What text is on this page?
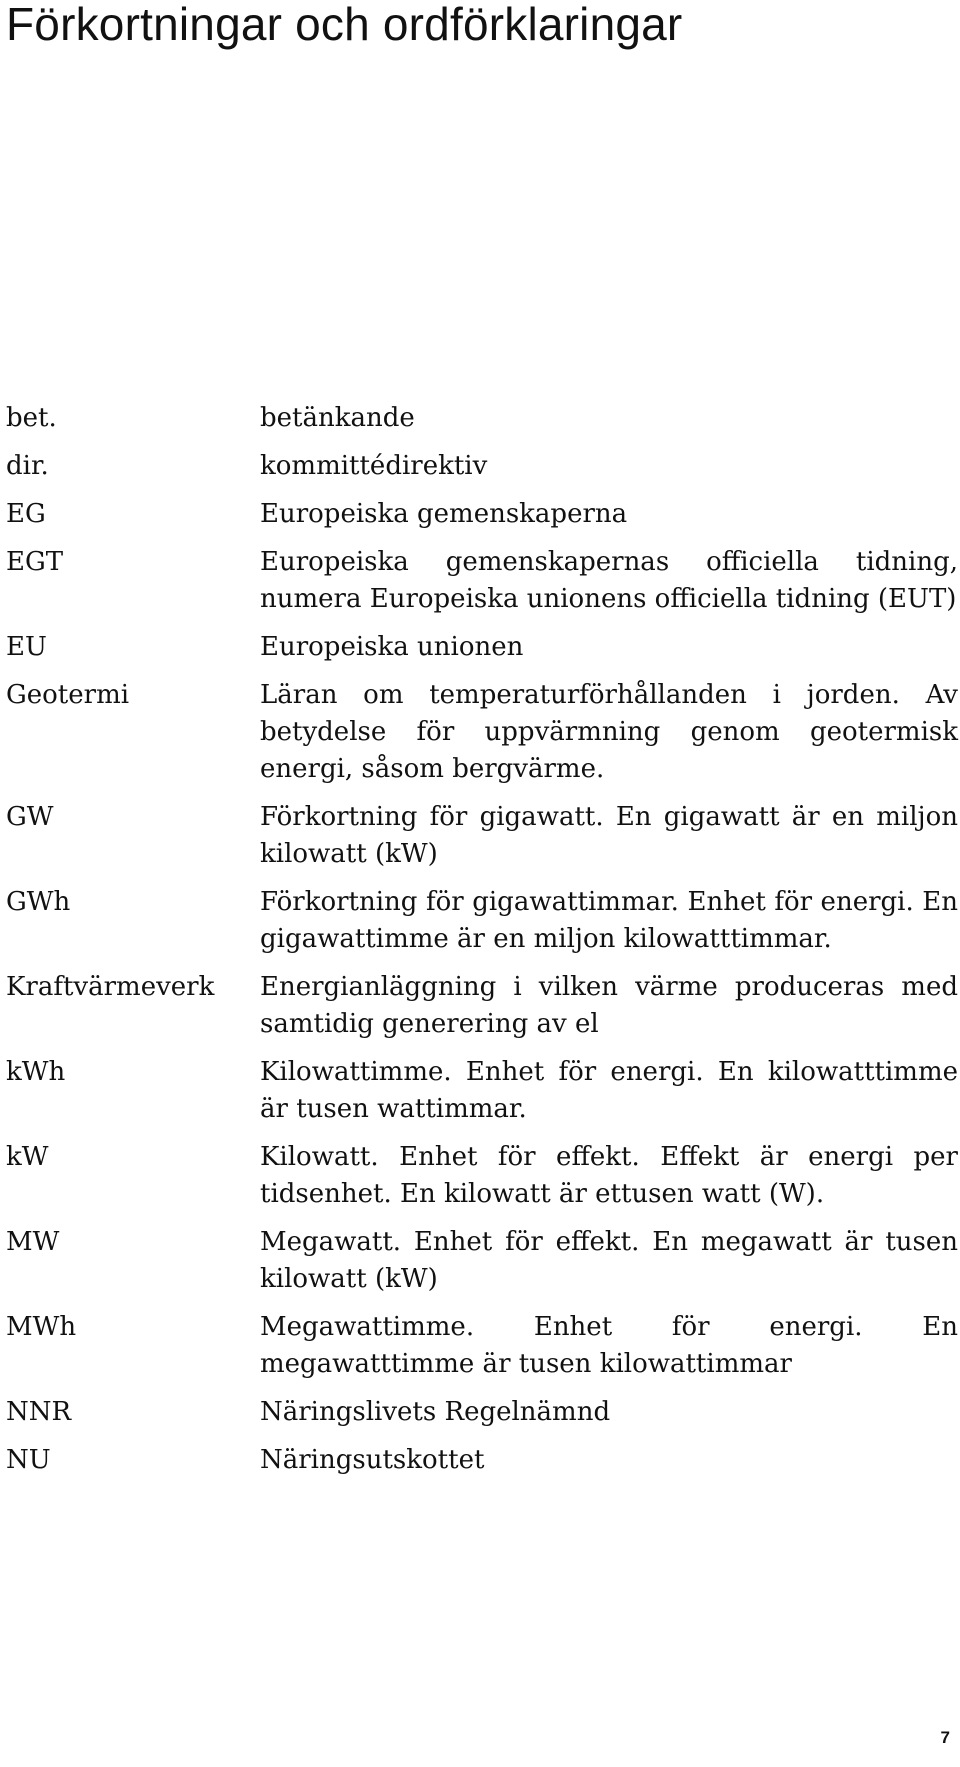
Förkortningar och ordförklaringar
bet.	betänkande
dir.	kommittédirektiv
EG	Europeiska gemenskaperna
EGT	Europeiska gemenskapernas officiella tidning, numera Europeiska unionens officiella tidning (EUT)
EU	Europeiska unionen
Geotermi	Läran om temperaturförhållanden i jorden. Av betydelse för uppvärmning genom geotermisk energi, såsom bergvärme.
GW	Förkortning för gigawatt. En gigawatt är en miljon kilowatt (kW)
GWh	Förkortning för gigawattimmar. Enhet för energi. En gigawattimme är en miljon kilowatttimmar.
Kraftvärmeverk	Energianläggning i vilken värme produceras med samtidig generering av el
kWh	Kilowattimme. Enhet för energi. En kilowatttimme är tusen wattimmar.
kW	Kilowatt. Enhet för effekt. Effekt är energi per tidsenhet. En kilowatt är ettusen watt (W).
MW	Megawatt. Enhet för effekt. En megawatt är tusen kilowatt (kW)
MWh	Megawattimme. Enhet för energi. En megawatttimme är tusen kilowattimmar
NNR	Näringslivets Regelnämnd
NU	Näringsutskottet
7
